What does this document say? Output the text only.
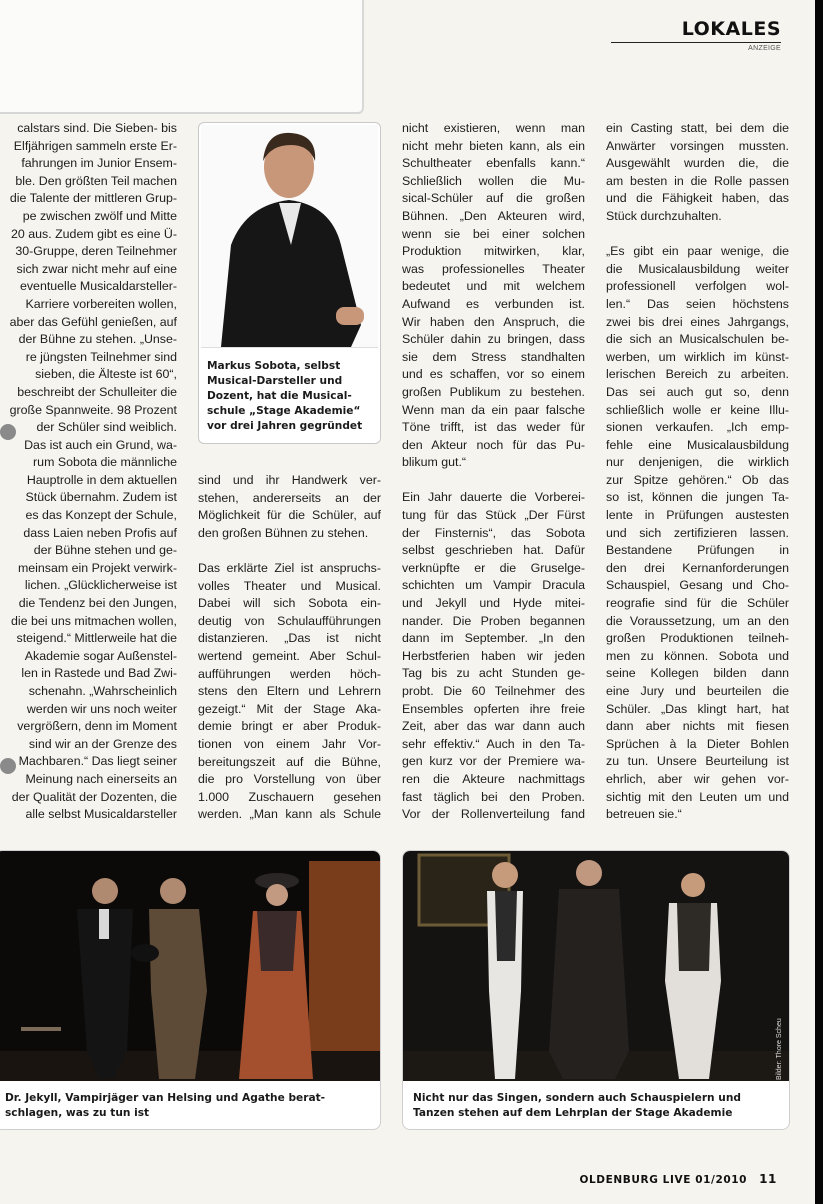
LOKALES
ANZEIGE

calstars sind. Die Sieben- bis

Elfjährigen sammeln erste Er-

fahrungen im Junior Ensem-

ble. Den größten Teil machen

die Talente der mittleren Grup-

pe zwischen zwölf und Mitte

20 aus. Zudem gibt es eine Ü-

30-Gruppe, deren Teilnehmer

sich zwar nicht mehr auf eine

eventuelle Musicaldarsteller-

Karriere vorbereiten wollen,

aber das Gefühl genießen, auf

der Bühne zu stehen. „Unse-

re jüngsten Teilnehmer sind

sieben, die Älteste ist 60“,

beschreibt der Schulleiter die

große Spannweite. 98 Prozent

der Schüler sind weiblich.

Das ist auch ein Grund, wa-

rum Sobota die männliche

Hauptrolle in dem aktuellen

Stück übernahm. Zudem ist

es das Konzept der Schule,

dass Laien neben Profis auf

der Bühne stehen und ge-

meinsam ein Projekt verwirk-

lichen. „Glücklicherweise ist

die Tendenz bei den Jungen,

die bei uns mitmachen wollen,

steigend.“ Mittlerweile hat die

Akademie sogar Außenstel-

len in Rastede und Bad Zwi-

schenahn. „Wahrscheinlich

werden wir uns noch weiter

vergrößern, denn im Moment

sind wir an der Grenze des

Machbaren.“ Das liegt seiner

Meinung nach einerseits an

der Qualität der Dozenten, die

alle selbst Musicaldarsteller

Markus Sobota, selbst
Musical-Darsteller und
Dozent, hat die Musical-
schule „Stage Akademie“
vor drei Jahren gegründet

sind und ihr Handwerk ver-

stehen, andererseits an der

Möglichkeit für die Schüler, auf

den großen Bühnen zu stehen.

Das erklärte Ziel ist anspruchs-

volles Theater und Musical.

Dabei will sich Sobota ein-

deutig von Schulaufführungen

distanzieren. „Das ist nicht

wertend gemeint. Aber Schul-

aufführungen werden höch-

stens den Eltern und Lehrern

gezeigt.“ Mit der Stage Aka-

demie bringt er aber Produk-

tionen von einem Jahr Vor-

bereitungszeit auf die Bühne,

die pro Vorstellung von über

1.000 Zuschauern gesehen

werden. „Man kann als Schule

nicht existieren, wenn man

nicht mehr bieten kann, als ein

Schultheater ebenfalls kann.“

Schließlich wollen die Mu-

sical-Schüler auf die großen

Bühnen. „Den Akteuren wird,

wenn sie bei einer solchen

Produktion mitwirken, klar,

was professionelles Theater

bedeutet und mit welchem

Aufwand es verbunden ist.

Wir haben den Anspruch, die

Schüler dahin zu bringen, dass

sie dem Stress standhalten

und es schaffen, vor so einem

großen Publikum zu bestehen.

Wenn man da ein paar falsche

Töne trifft, ist das weder für

den Akteur noch für das Pu-

blikum gut.“

Ein Jahr dauerte die Vorberei-

tung für das Stück „Der Fürst

der Finsternis“, das Sobota

selbst geschrieben hat. Dafür

verknüpfte er die Gruselge-

schichten um Vampir Dracula

und Jekyll und Hyde mitei-

nander. Die Proben begannen

dann im September. „In den

Herbstferien haben wir jeden

Tag bis zu acht Stunden ge-

probt. Die 60 Teilnehmer des

Ensembles opferten ihre freie

Zeit, aber das war dann auch

sehr effektiv.“ Auch in den Ta-

gen kurz vor der Premiere wa-

ren die Akteure nachmittags

fast täglich bei den Proben.

Vor der Rollenverteilung fand

ein Casting statt, bei dem die

Anwärter vorsingen mussten.

Ausgewählt wurden die, die

am besten in die Rolle passen

und die Fähigkeit haben, das

Stück durchzuhalten.

„Es gibt ein paar wenige, die

die Musicalausbildung weiter

professionell verfolgen wol-

len.“ Das seien höchstens

zwei bis drei eines Jahrgangs,

die sich an Musicalschulen be-

werben, um wirklich im künst-

lerischen Bereich zu arbeiten.

Das sei auch gut so, denn

schließlich wolle er keine Illu-

sionen verkaufen. „Ich emp-

fehle eine Musicalausbildung

nur denjenigen, die wirklich

zur Spitze gehören.“ Ob das

so ist, können die jungen Ta-

lente in Prüfungen austesten

und sich zertifizieren lassen.

Bestandene Prüfungen in

den drei Kernanforderungen

Schauspiel, Gesang und Cho-

reografie sind für die Schüler

die Voraussetzung, um an den

großen Produktionen teilneh-

men zu können. Sobota und

seine Kollegen bilden dann

eine Jury und beurteilen die

Schüler. „Das klingt hart, hat

dann aber nichts mit fiesen

Sprüchen à la Dieter Bohlen

zu tun. Unsere Beurteilung ist

ehrlich, aber wir gehen vor-

sichtig mit den Leuten um und

betreuen sie.“

Dr. Jekyll, Vampirjäger van Helsing und Agathe berat-
schlagen, was zu tun ist
Nicht nur das Singen, sondern auch Schauspielern und
Tanzen stehen auf dem Lehrplan der Stage Akademie
Bilder: Thore Scheu
OLDENBURG LIVE 01/2010 11
